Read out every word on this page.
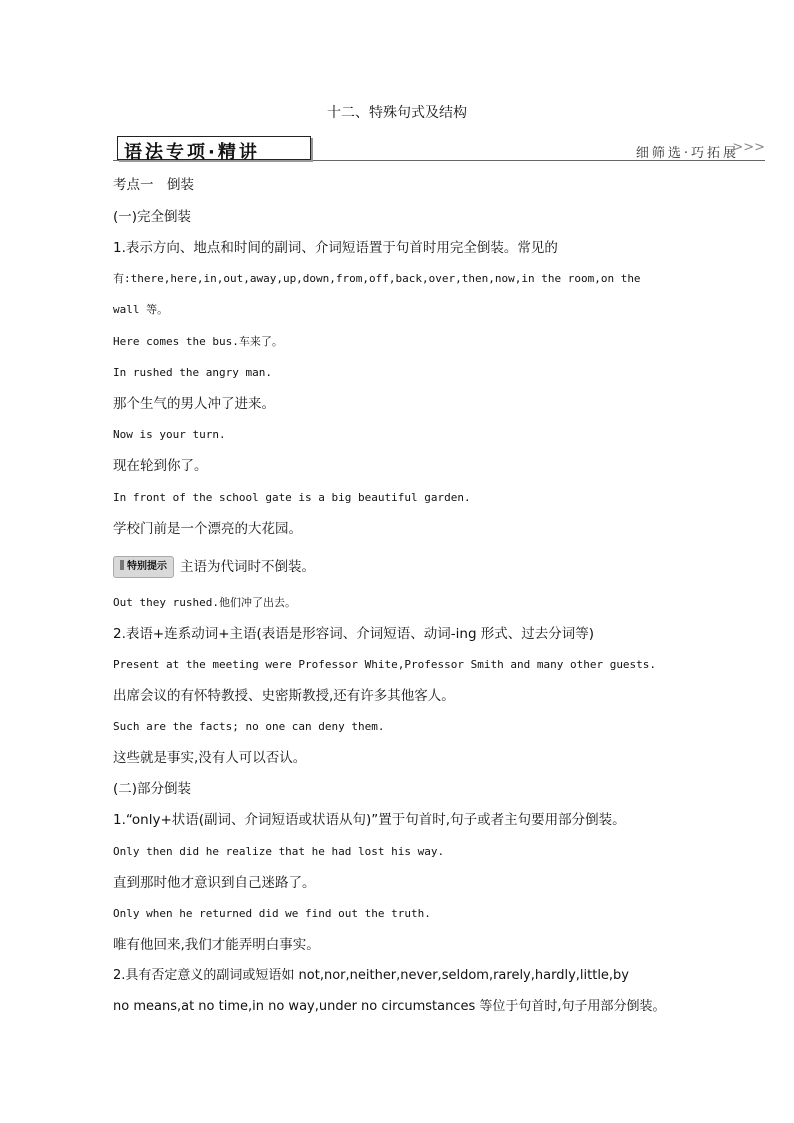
十二、特殊句式及结构
语法专项·精讲	细筛选·巧拓展
>>>
考点一　倒装
(一)完全倒装
1.表示方向、地点和时间的副词、介词短语置于句首时用完全倒装。常见的
有:there,here,in,out,away,up,down,from,off,back,over,then,now,in the room,on the
wall 等。
Here comes the bus.车来了。
In rushed the angry man.
那个生气的男人冲了进来。
Now is your turn.
现在轮到你了。
In front of the school gate is a big beautiful garden.
学校门前是一个漂亮的大花园。
特别提示 主语为代词时不倒装。
Out they rushed.他们冲了出去。
2.表语+连系动词+主语(表语是形容词、介词短语、动词-ing 形式、过去分词等)
Present at the meeting were Professor White,Professor Smith and many other guests.
出席会议的有怀特教授、史密斯教授,还有许多其他客人。
Such are the facts; no one can deny them.
这些就是事实,没有人可以否认。
(二)部分倒装
1.“only+状语(副词、介词短语或状语从句)”置于句首时,句子或者主句要用部分倒装。
Only then did he realize that he had lost his way.
直到那时他才意识到自己迷路了。
Only when he returned did we find out the truth.
唯有他回来,我们才能弄明白事实。
2.具有否定意义的副词或短语如 not,nor,neither,never,seldom,rarely,hardly,little,by
no means,at no time,in no way,under no circumstances 等位于句首时,句子用部分倒装。
